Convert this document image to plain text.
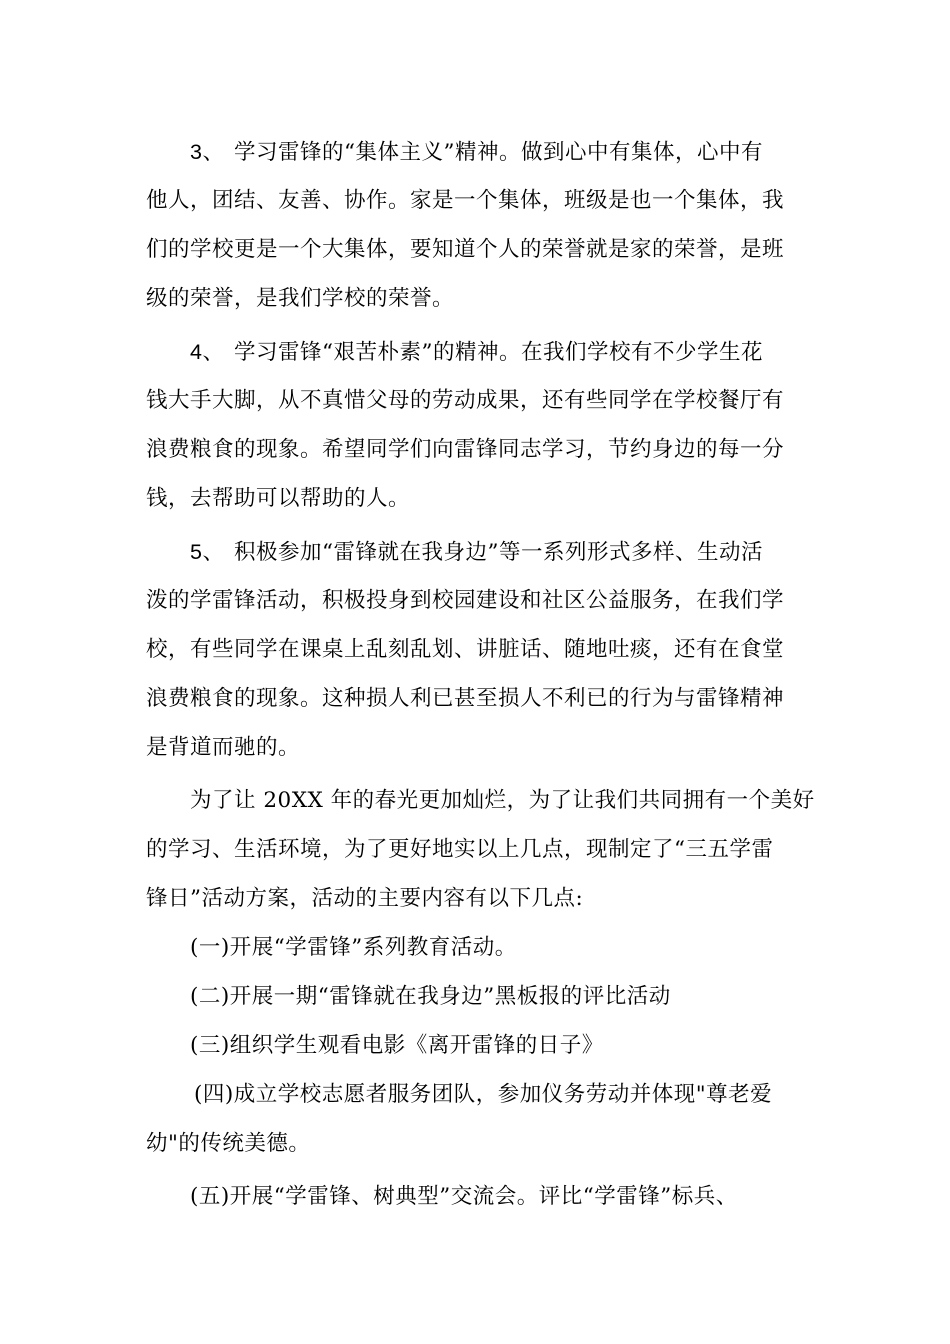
3、 学习雷锋的“集体主义”精神。做到心中有集体，心中有
他人，团结、友善、协作。家是一个集体，班级是也一个集体，我
们的学校更是一个大集体，要知道个人的荣誉就是家的荣誉，是班
级的荣誉，是我们学校的荣誉。
4、 学习雷锋“艰苦朴素”的精神。在我们学校有不少学生花
钱大手大脚，从不真惜父母的劳动成果，还有些同学在学校餐厅有
浪费粮食的现象。希望同学们向雷锋同志学习，节约身边的每一分
钱，去帮助可以帮助的人。
5、 积极参加“雷锋就在我身边”等一系列形式多样、生动活
泼的学雷锋活动，积极投身到校园建设和社区公益服务，在我们学
校，有些同学在课桌上乱刻乱划、讲脏话、随地吐痰，还有在食堂
浪费粮食的现象。这种损人利已甚至损人不利已的行为与雷锋精神
是背道而驰的。
为了让 20XX 年的春光更加灿烂，为了让我们共同拥有一个美好
的学习、生活环境，为了更好地实以上几点，现制定了“三五学雷
锋日”活动方案，活动的主要内容有以下几点:
(一)开展“学雷锋”系列教育活动。
(二)开展一期“雷锋就在我身边”黑板报的评比活动
(三)组织学生观看电影《离开雷锋的日子》
(四)成立学校志愿者服务团队，参加仪务劳动并体现"尊老爱
幼"的传统美德。
(五)开展“学雷锋、树典型”交流会。评比“学雷锋”标兵、
